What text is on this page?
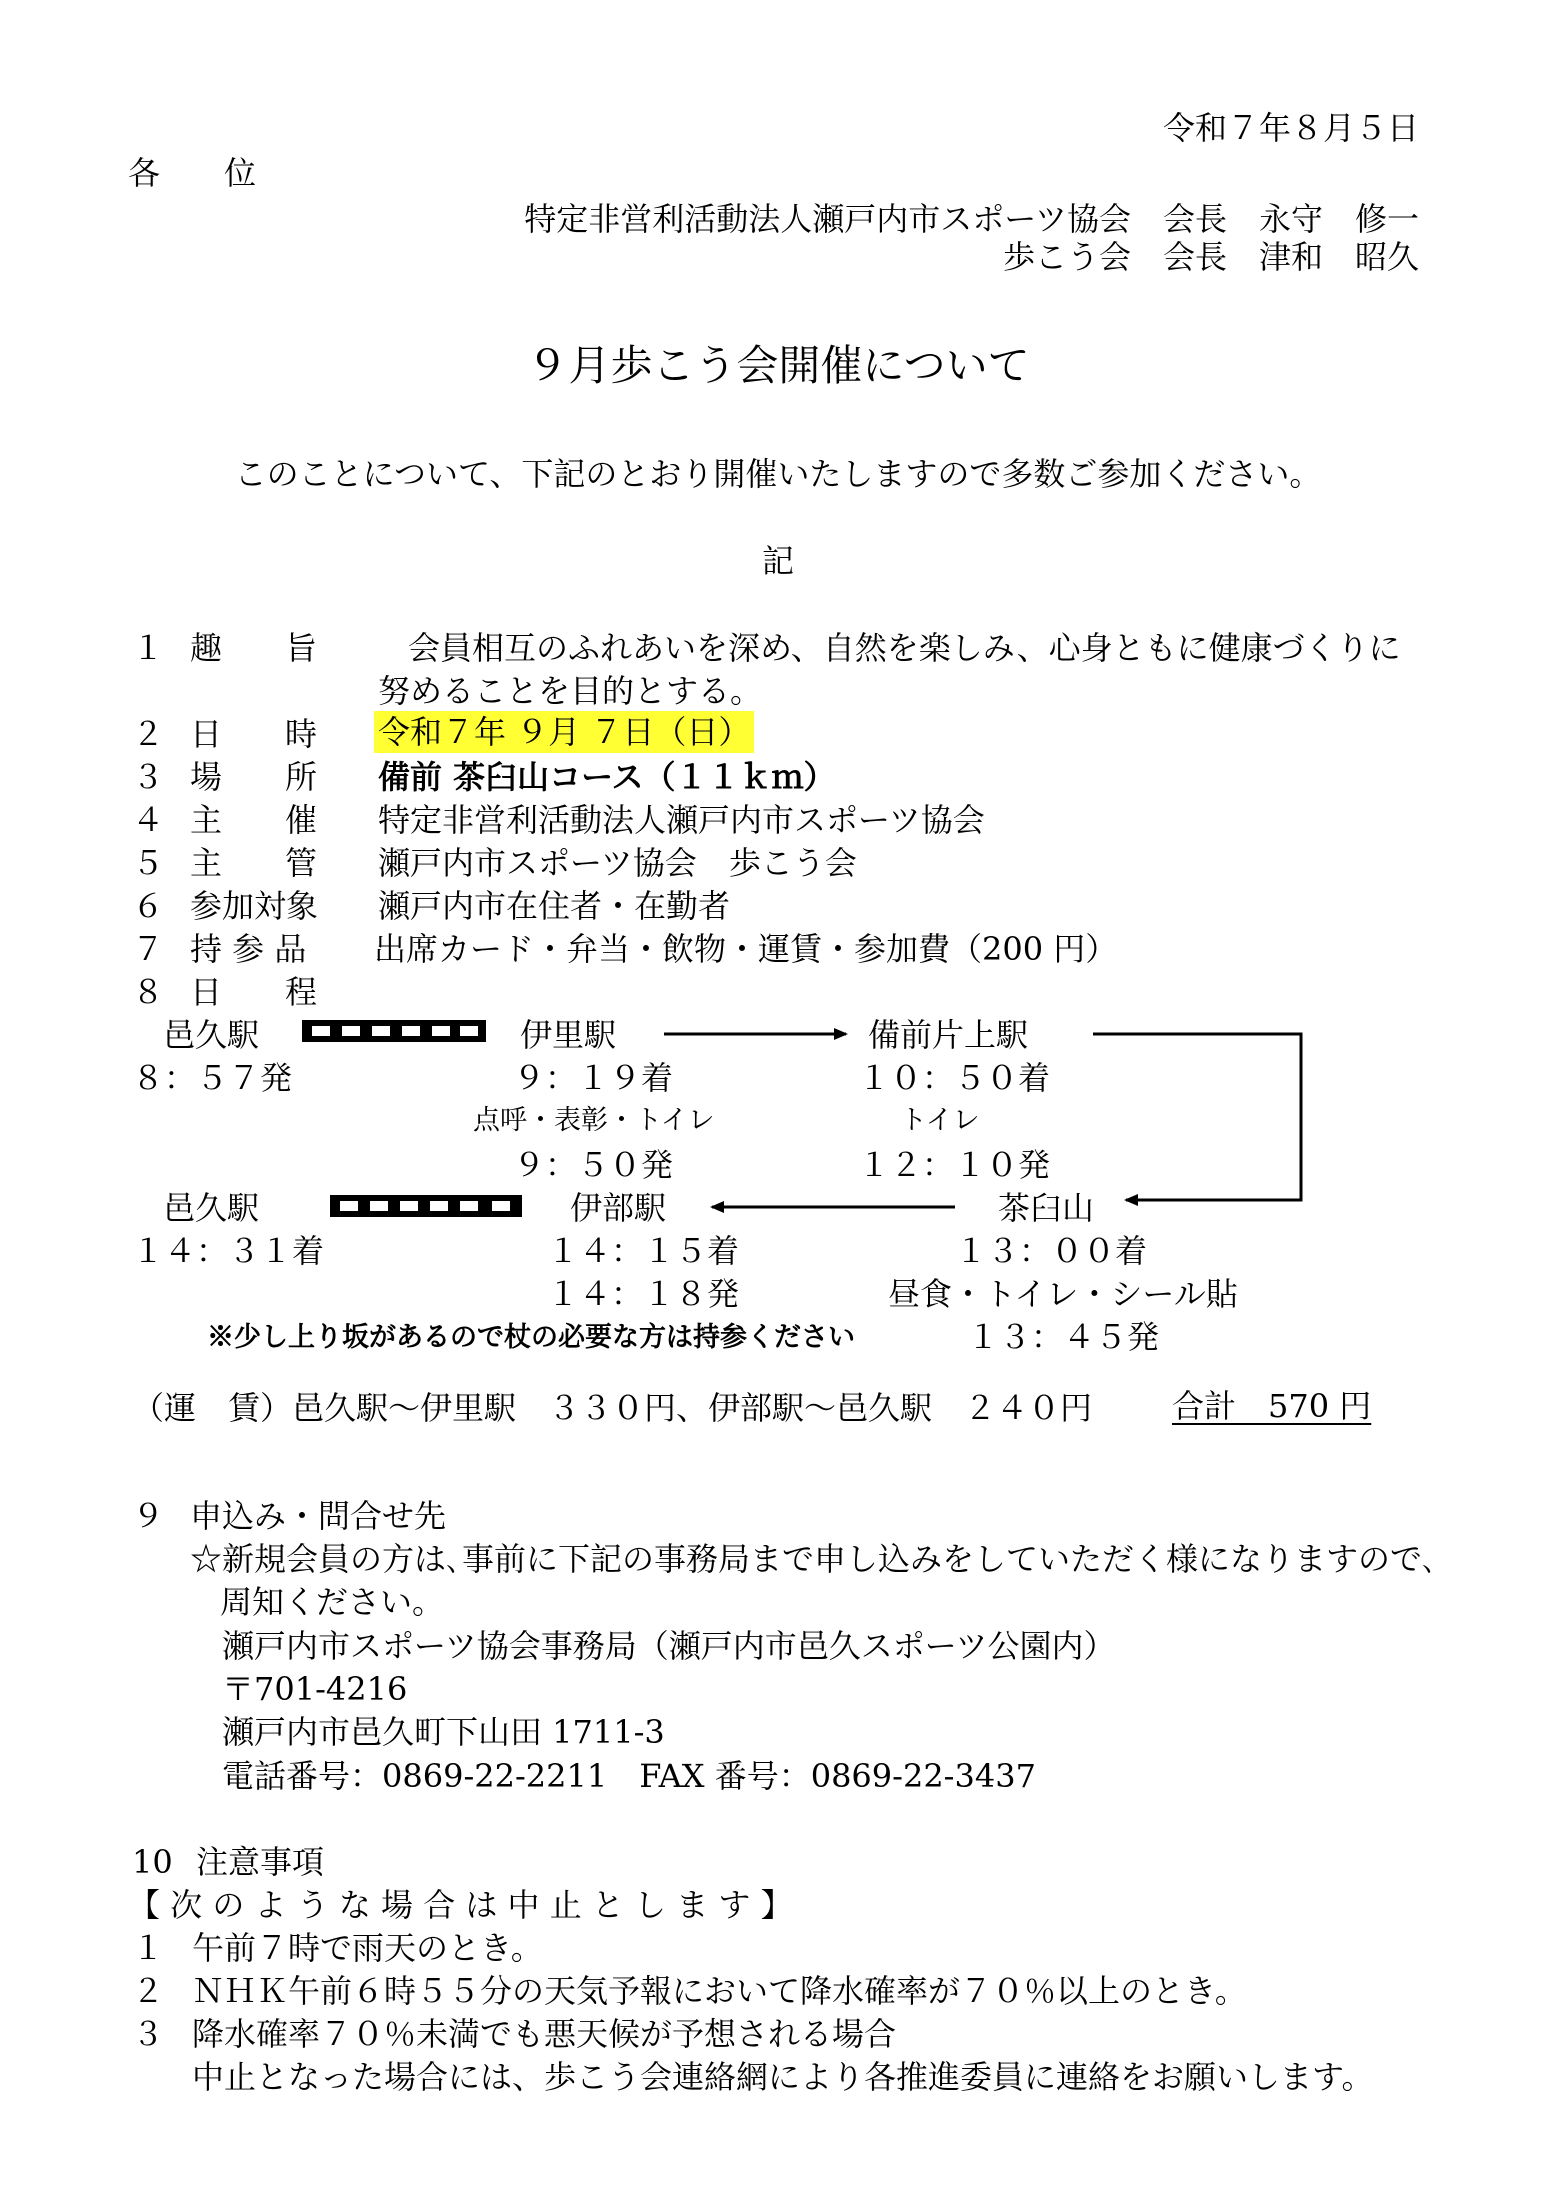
令和７年８月５日
各　　位
特定非営利活動法人瀬戸内市スポーツ協会　会長　永守　修一
歩こう会　会長　津和　昭久
９月歩こう会開催について
このことについて、下記のとおり開催いたしますので多数ご参加ください。
記
１ 趣 旨	会員相互のふれあいを深め、自然を楽しみ、心身ともに健康づくりに
努めることを目的とする。
２ 日 時 令和７年 ９月 ７日（日）
３ 場 所 備前 茶臼山コース（１１ｋｍ）
４ 主 催 特定非営利活動法人瀬戸内市スポーツ協会
５ 主 管 瀬戸内市スポーツ協会　歩こう会
６ 参加対象 瀬戸内市在住者・在勤者
７ 持 参 品 出席カード・弁当・飲物・運賃・参加費（200 円）
８ 日 程
邑久駅
８：５７発
伊里駅
９：１９着
点呼・表彰・トイレ
９：５０発
備前片上駅
１０：５０着
トイレ
１２：１０発
邑久駅
１４：３１着
伊部駅
１４：１５着
１４：１８発
茶臼山
１３：００着
昼食・トイレ・シール貼
１３：４５発
※少し上り坂があるので杖の必要な方は持参ください
（運　賃）邑久駅～伊里駅　３３０円、伊部駅～邑久駅　２４０円 合計　570 円
９ 申込み・問合せ先
☆新規会員の方は､事前に下記の事務局まで申し込みをしていただく様になりますので､
周知ください。
瀬戸内市スポーツ協会事務局（瀬戸内市邑久スポーツ公園内）
〒701-4216
瀬戸内市邑久町下山田 1711-3
電話番号：0869-22-2211　FAX 番号：0869-22-3437
10 注意事項
【 次 の よ う な 場 合 は 中 止 と し ま す 】
１ 午前７時で雨天のとき。
２ ＮＨＫ午前６時５５分の天気予報において降水確率が７０％以上のとき。
３ 降水確率７０％未満でも悪天候が予想される場合
中止となった場合には、歩こう会連絡網により各推進委員に連絡をお願いします。
